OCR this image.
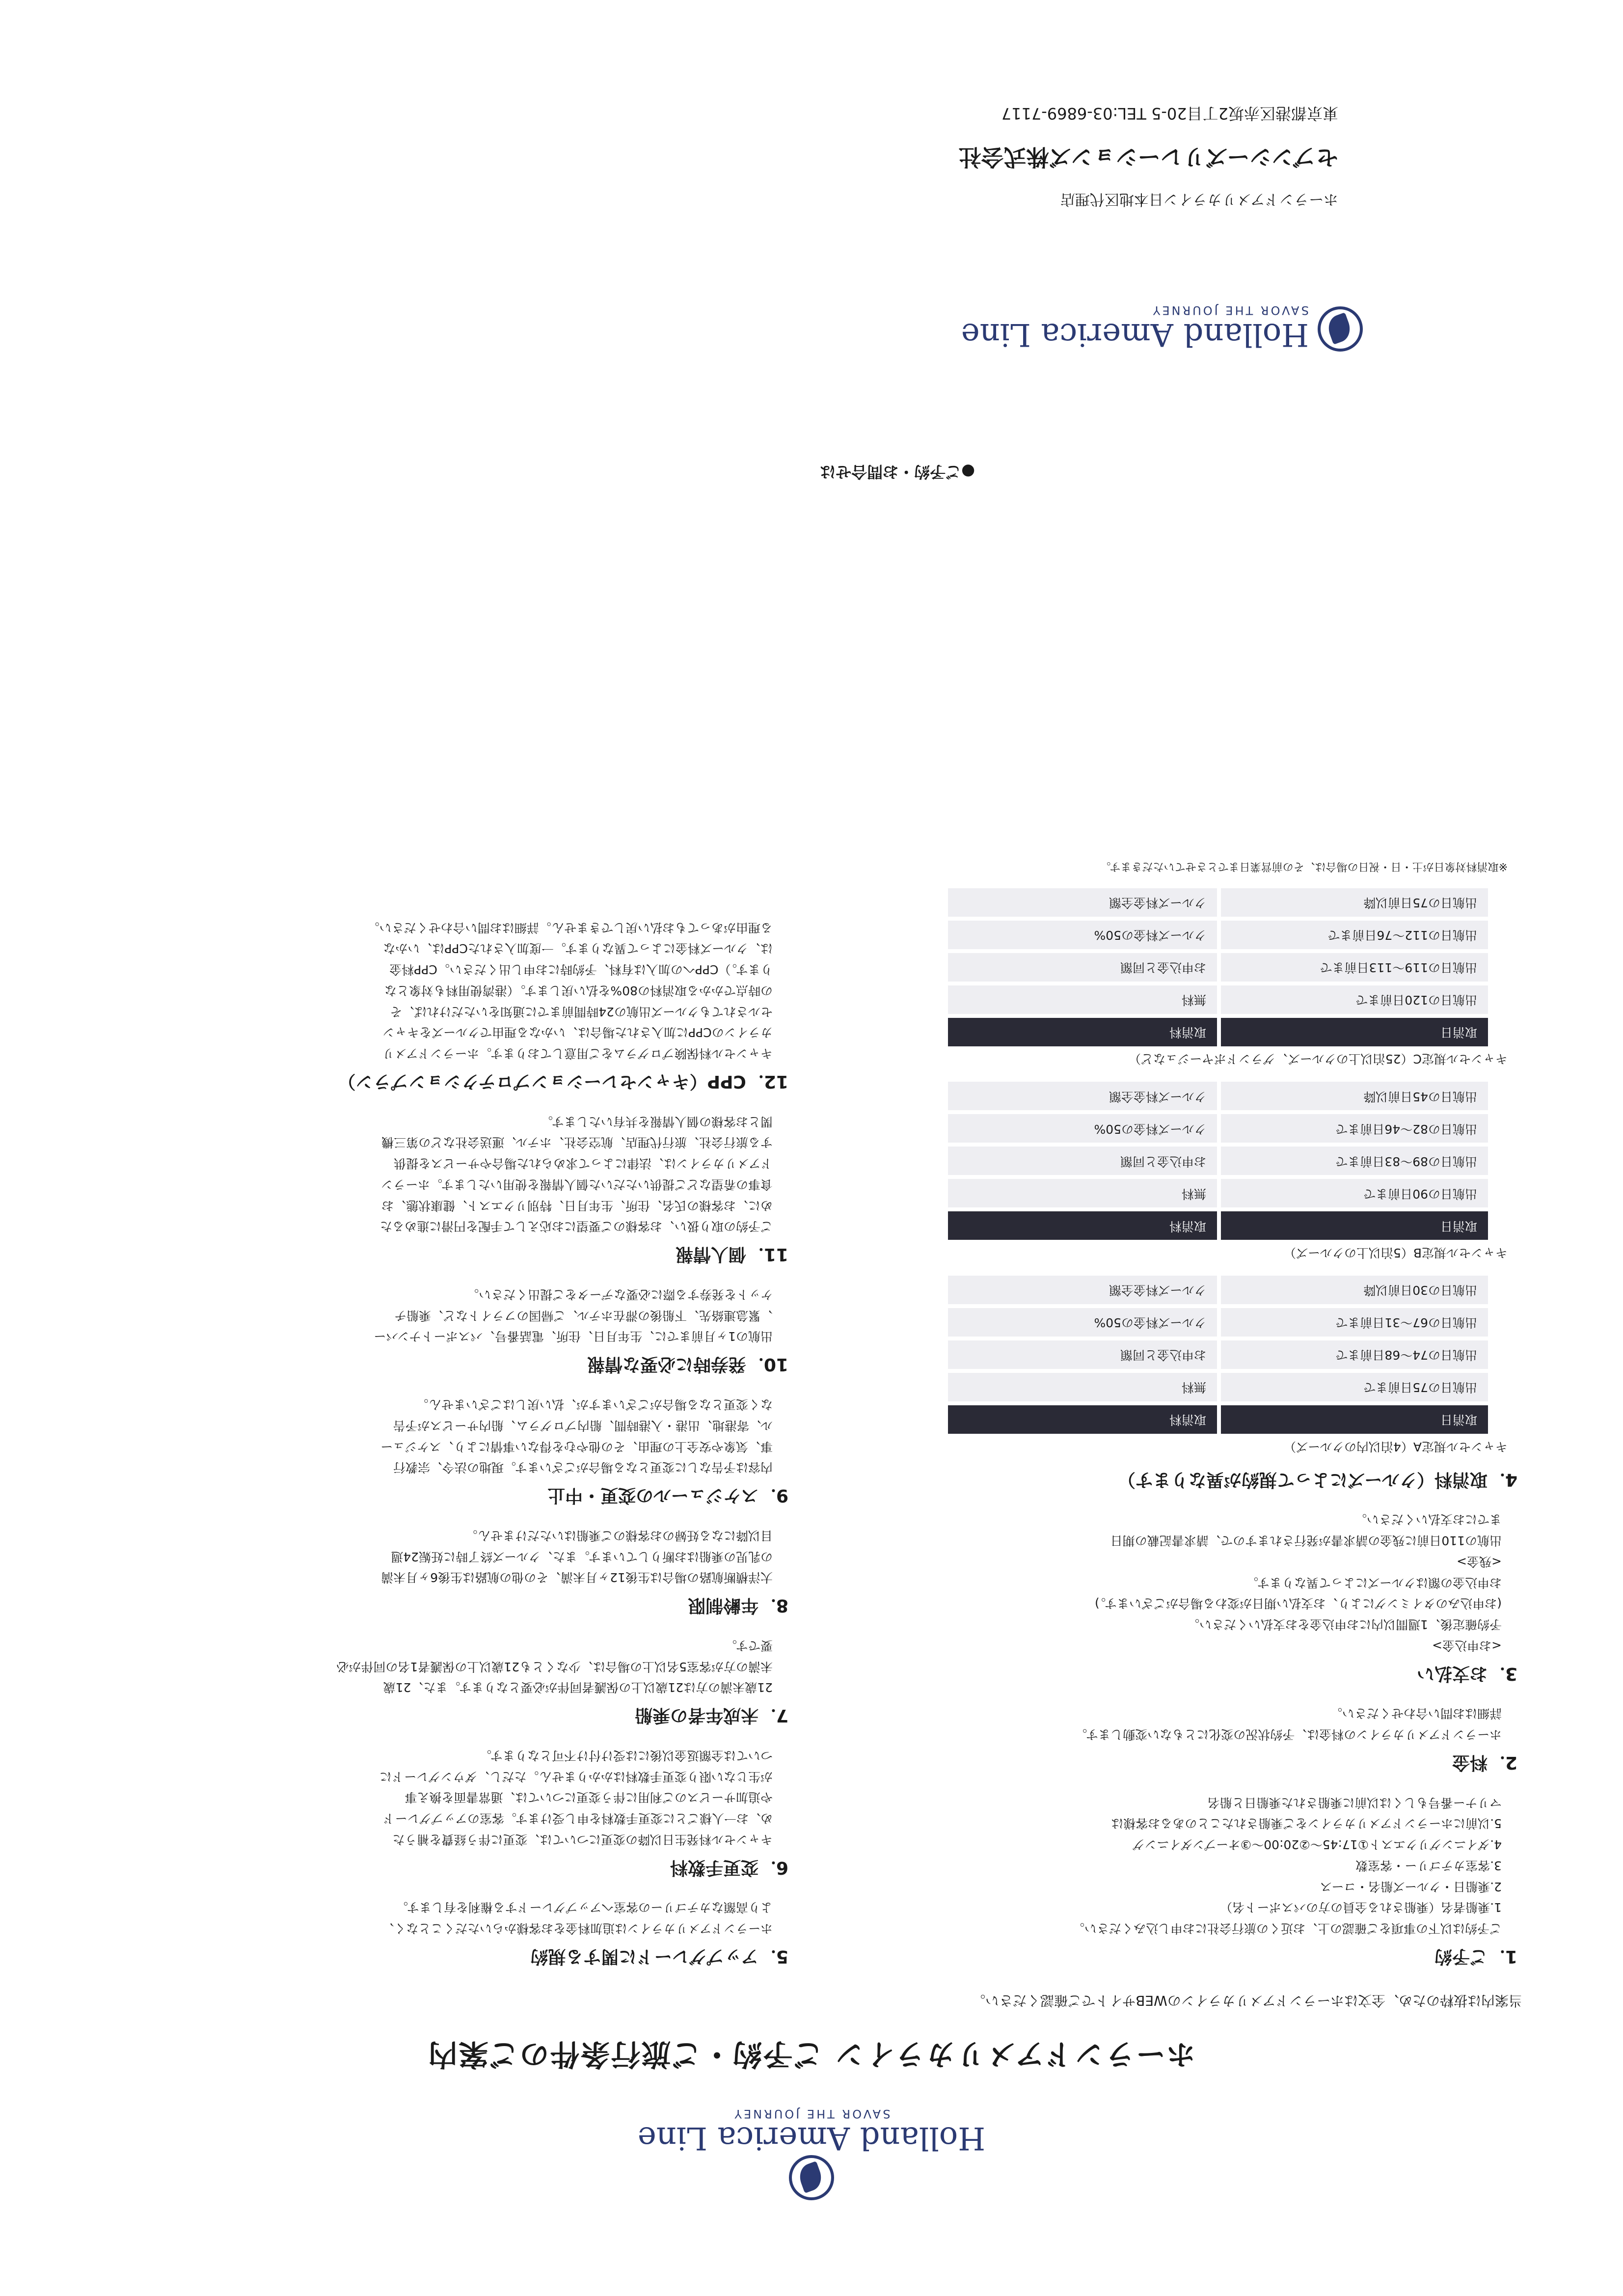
Holland America Line
SAVOR THE JOURNEY
ホーランドアメリカライン ご予約・ご旅行条件のご案内
当案内は抜粋のため、全文はホーランドアメリカラインのWEBサイトでご確認ください。
1．ご予約
ご予約は以下の事項をご確認の上、お近くの旅行会社にお申し込みください。
1.乗船者名（乗船される全員の方のパスポート名）
2.乗船日・クルーズ船名・コース
3.客室カテゴリー・客室数
4.ダイニングリクエスト①17:45～②20:00～③オープンダイニング
5.以前にホーランドアメリカラインをご乗船されたことのあるお客様は
マリナー番号もしくは以前に乗船された乗船日と船名
2．料金
ホーランドアメリカラインの料金は、予約状況の変化にともない変動します。
詳細はお問い合わせください。
3．お支払い
<お申込金>
予約確定後、1週間以内にお申込金をお支払いください。
(お申込みのタイミングにより、お支払い期日が変わる場合がございます。)
お申込金の額はクルーズによって異なります。
<残金>
出航の110日前に残金の請求書が発行されますので、請求書記載の期日
までにお支払いください。
4．取消料（クルーズによって規約が異なります）
キャンセル規定A（4泊以内のクルーズ）
取消日	取消料
出航日の75日前まで	無料
出航日の74～68日前まで	お申込金と同額
出航日の67～31日前まで	クルーズ料金の50%
出航日の30日前以降	クルーズ料金全額
キャンセル規定B（5泊以上のクルーズ）
取消日	取消料
出航日の90日前まで	無料
出航日の89～83日前まで	お申込金と同額
出航日の82～46日前まで	クルーズ料金の50%
出航日の45日前以降	クルーズ料金全額
キャンセル規定C（25泊以上のクルーズ、グランドボヤージュなど）
取消日	取消料
出航日の120日前まで	無料
出航日の119～113日前まで	お申込金と同額
出航日の112～76日前まで	クルーズ料金の50%
出航日の75日前以降	クルーズ料金全額
※取消料対象日が土・日・祝日の場合は、その前営業日までとさせていただきます。
5．アップグレードに関する規約
ホーランドアメリカラインは追加料金をお客様からいただくことなく、
より高額なカテゴリーの客室へアップグレードする権利を有します。
6．変更手数料
キャンセル料発生日以降の変更については、変更に伴う経費を補うた
め、お一人様ごとに変更手数料を申し受けます。客室のアップグレード
や追加サービスのご利用に伴う変更については、通常書面を換え事
が生じない限り変更手数料はかかりません。ただし、ダウングレードに
ついては全額返金以後には受け付け不可となります。
7．未成年者の乗船
21歳未満の方は21歳以上の保護者同伴が必要となります。また、21歳
未満の方が客室5名以上の場合は、少なくとも21歳以上の保護者1名の同伴が必
要です。
8．年齢制限
大洋横断航路の場合は生後12ヶ月未満、その他の航路は生後6ヶ月未満
の乳児の乗船はお断りしています。また、クルーズ終了時に妊娠24週
目以降になる妊婦のお客様のご乗船はいただけません。
9．スケジュールの変更・中止
内容は予告なしに変更となる場合がございます。現地の法令、宗教行
事、気象や安全上の理由、その他やむを得ない事情により、スケジュー
ル、寄港地、出港・入港時間、船内プログラム、船内サービスが予告
なく変更となる場合がございますが、払い戻しはございません。
10．発券時に必要な情報
出航の1ヶ月前までに、生年月日、住所、電話番号、パスポートナンバー
、緊急連絡先、下船後の滞在ホテル、ご帰国のフライトなど、乗船チ
ケットを発券する際に必要なデータをご提出ください。
11．個人情報
ご予約の取り扱い、お客様のご要望にお応えして手配を円滑に進めるた
めに、お客様の氏名、住所、生年月日、特別リクエスト、健康状態、お
食事の希望などご提供いただいた個人情報を使用いたします。ホーラン
ドアメリカラインは、法律によって求められた場合やサービスを提供
する旅行会社、旅行代理店、航空会社、ホテル、運送会社などの第三機
関とお客様の個人情報を共有いたします。
12．CPP（キャンセレーションプロテクションプラン）
キャンセル料保険プログラムをご用意しております。ホーランドアメリ
カラインのCPPに加入された場合は、いかなる理由でクルーズをキャン
セルされてもクルーズ出航の24時間前までに通知をいただければ、そ
の時点でかかる取消料の80%を払い戻します。（港湾使用料も対象とな
ります。）CPPへの加入は有料、予約時にお申し出ください。CPP料金
は、クルーズ料金によって異なります。一度加入されたCPPは、いかな
る理由があってもお払い戻しできません。詳細はお問い合わせください。
●ご予約・お問合せは
Holland America Line
SAVOR THE JOURNEY
ホーランドアメリカライン日本地区代理店
セブンシーズリレーションズ株式会社
東京都港区赤坂2丁目20-5 TEL:03-6869-7117
